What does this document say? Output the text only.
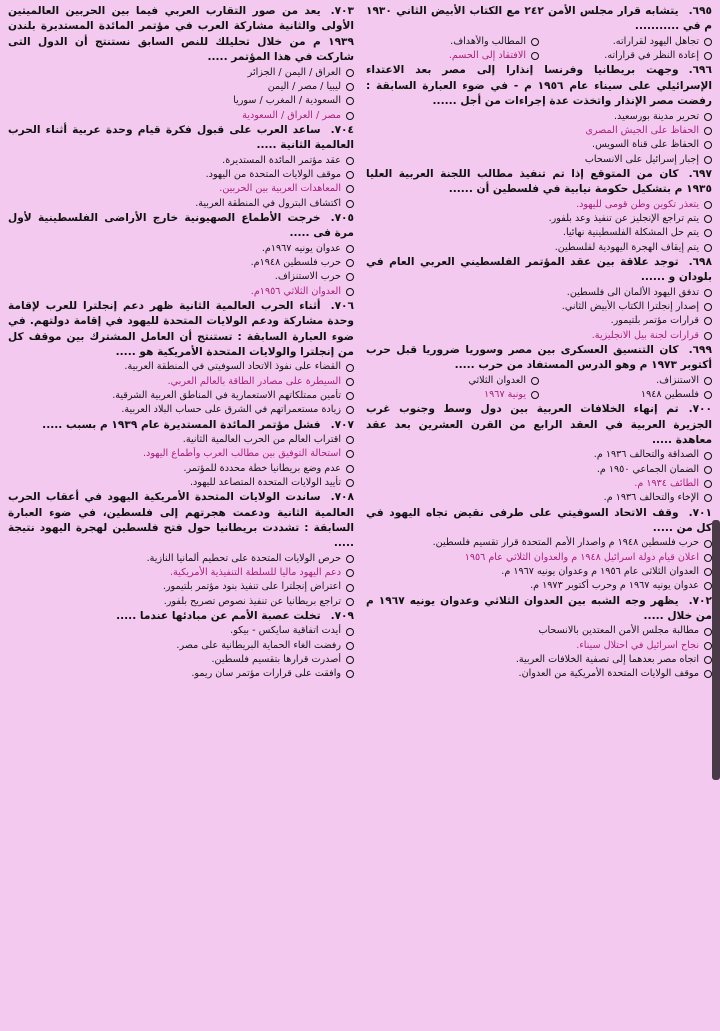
٦٩٥.يتشابه قرار مجلس الأمن ٢٤٢ مع الكتاب الأبيض الثاني ١٩٣٠ م في ...........
تجاهل اليهود لقراراته.
المطالب والأهداف.
إعادة النظر في قراراته.
الافتقاد إلى الحسم.
٦٩٦.وجهت بريطانيا وفرنسا إنذارا إلى مصر بعد الاعتداء الإسرائيلي على سيناء عام ١٩٥٦ م - في ضوء العبارة السابقة : رفضت مصر الإنذار واتخذت عدة إجراءات من أجل ......
تحرير مدينة بورسعيد.
الحفاظ على الجيش المصرى
الحفاظ على قناة السويس.
إجبار إسرائيل على الانسحاب
٦٩٧.كان من المتوقع إذا تم تنفيذ مطالب اللجنة العربية العليا ١٩٣٥ م بتشكيل حكومة نيابية في فلسطين أن ......
يتعذر تكوين وطن قومى لليهود.
يتم تراجع الإنجليز عن تنفيذ وعد بلفور.
يتم حل المشكلة الفلسطينية نهائيا.
يتم إيقاف الهجرة اليهودية لفلسطين.
٦٩٨.توجد علاقة بين عقد المؤتمر الفلسطيني العربي العام في بلودان و ......
تدفق اليهود الألمان الى فلسطين.
إصدار إنجلترا الكتاب الأبيض الثاني.
قرارات مؤتمر بلتيمور.
قرارات لجنة بيل الانجليزية.
٦٩٩.كان التنسيق العسكرى بين مصر وسوريا ضروريا قبل حرب أكتوبر ١٩٧٣ م وهو الدرس المستفاد من حرب .....
الاستنزاف.
العدوان الثلاثي
فلسطين ١٩٤٨
يونية ١٩٦٧
٧٠٠.تم إنهاء الخلافات العربية بين دول وسط وجنوب غرب الجزيرة العربية في العقد الرابع من القرن العشرين بعد عقد معاهدة .....
الصداقة والتحالف ١٩٣٦ م.
الضمان الجماعي ١٩٥٠ م.
الطائف ١٩٣٤ م.
الإخاء والتحالف ١٩٣٦ م.
٧٠١.وقف الاتحاد السوفيتي على طرفى نقيض تجاه اليهود في كل من .....
حرب فلسطين ١٩٤٨ م واصدار الأمم المتحدة قرار تقسيم فلسطين.
اعلان قيام دولة اسرائيل ١٩٤٨ م والعدوان الثلاثي عام ١٩٥٦
العدوان الثلاثى عام ١٩٥٦ م وعدوان يونيه ١٩٦٧ م.
عدوان يونيه ١٩٦٧ م وحرب أكتوبر ١٩٧٣ م.
٧٠٢.يظهر وجه الشبه بين العدوان الثلاثي وعدوان يونيه ١٩٦٧ م من خلال .....
مطالبة مجلس الأمن المعتدين بالانسحاب
نجاح اسرائيل في احتلال سيناء.
اتجاه مصر بعدهما إلى تصفية الخلافات العربية.
موقف الولايات المتحدة الأمريكية من العدوان.
٧٠٣.يعد من صور التقارب العربي فيما بين الحربين العالميتين الأولى والثانية مشاركة العرب في مؤتمر المائدة المستديرة بلندن ١٩٣٩ م من خلال تحليلك للنص السابق نستنتج أن الدول التى شاركت في هذا المؤتمر .....
العراق / اليمن / الجزائر
ليبيا / مصر / اليمن
السعودية / المغرب / سوريا
مصر / العراق / السعودية
٧٠٤.ساعد العرب على قبول فكرة قيام وحدة عربية أثناء الحرب العالمية الثانية .....
عقد مؤتمر المائدة المستديرة.
موقف الولايات المتحدة من اليهود.
المعاهدات العربية بين الحربين.
اكتشاف البترول في المنطقة العربية.
٧٠٥.خرجت الأطماع الصهيونية خارج الأراضى الفلسطينية لأول مرة فى .....
عدوان يونيه ١٩٦٧م.
حرب فلسطين ١٩٤٨م.
حرب الاستنزاف.
العدوان الثلاثي ١٩٥٦م.
٧٠٦.أثناء الحرب العالمية الثانية ظهر دعم إنجلترا للعرب لإقامة وحدة مشاركة ودعم الولايات المتحدة لليهود في إقامة دولتهم. في ضوء العبارة السابقة : تستنتج أن العامل المشترك بين موقف كل من إنجلترا والولايات المتحدة الأمريكية هو .....
القضاء على نفوذ الاتحاد السوفيتي في المنطقة العربية.
السيطرة على مصادر الطاقة بالعالم العربي.
تأمين ممتلكاتهم الاستعمارية في المناطق العربية الشرقية.
زيادة مستعمراتهم في الشرق على حساب البلاد العربية.
٧٠٧.فشل مؤتمر المائدة المستديرة عام ١٩٣٩ م بسبب .....
اقتراب العالم من الحرب العالمية الثانية.
استحالة التوفيق بين مطالب العرب وأطماع اليهود.
عدم وضع بريطانيا خطة محددة للمؤتمر.
تأييد الولايات المتحدة المتصاعد لليهود.
٧٠٨.ساندت الولايات المتحدة الأمريكية اليهود في أعقاب الحرب العالمية الثانية ودعمت هجرتهم إلى فلسطين، في ضوء العبارة السابقة : تشددت بريطانيا حول فتح فلسطين لهجرة اليهود نتيجة .....
حرص الولايات المتحدة على تحطيم ألمانيا النازية.
دعم اليهود ماليا للسلطة التنفيذية الأمريكية.
اعتراض إنجلترا على تنفيذ بنود مؤتمر بلتيمور.
تراجع بريطانيا عن تنفيذ نصوص تصريح بلفور.
٧٠٩.تخلت عصبة الأمم عن مبادئها عندما .....
أيدت اتفاقية سايكس - بيكو.
رفضت الغاء الحماية البريطانية على مصر.
أصدرت قرارها بتقسيم فلسطين.
وافقت على قرارات مؤتمر سان ريمو.
